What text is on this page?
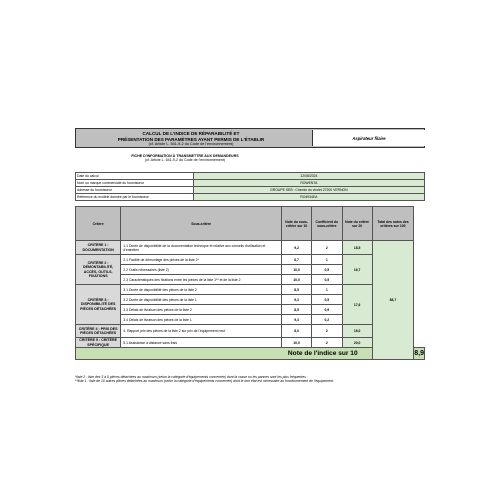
CALCUL DE L'INDICE DE RÉPARABILITÉ ET
PRÉSENTATION DES PARAMÈTRES AYANT PERMIS DE L'ÉTABLIR
(cf. Article L. 541-9-2 du Code de l'environnement)
Aspirateur filaire
FICHE D'INFORMATION À TRANSMETTRE AUX DEMANDEURS
(cf. Article L. 541-9-2 du Code de l'environnement)
Date du calcul	12/08/2024
Nom ou marque commerciale du fournisseur	ROWENTA
Adresse du fournisseur	GROUPE SEB : Chemin du virolet 27200 VERNON
Référence du modèle donnée par le fournisseur	RO4934EA
Critère	Sous-critère	Note du sous-critère sur 10	Coefficient du sous-critère	Note du critère sur 20	Total des notes des critères sur 100	
CRITÈRE 1 : DOCUMENTATION	1.1 Durée de disponibilité de la documentation technique et relative aux conseils d'utilisation et d'entretien	9,2	2	18,5	88,7	
CRITÈRE 2 : DÉMONTABILITÉ, ACCÈS, OUTILS, FIXATIONS	2.1 Facilité de démontage des pièces de la liste 2*	6,7	1	16,7		
	2.2 Outils nécessaires (liste 2)	10,0	0,5			
	2.3 Caractéristiques des fixations entre les pièces de la liste 1** et de la liste 2	10,0	0,5			
CRITÈRE 3 : DISPONIBILITÉ DES PIÈCES DÉTACHÉES	3.1 Durée de disponibilité des pièces de la liste 2	8,5	1	17,6		
	3.2 Durée de disponibilité des pièces de la liste 1	9,3	0,5			
	3.3 Délais de livraison des pièces de la liste 2	8,5	0,9			
	3.4 Délais de livraison des pièces de la liste 1	9,3	0,2			
CRITÈRE 4 : PRIX DES PIÈCES DÉTACHÉES	4. Rapport prix des pièces de la liste 2 sur prix de l'équipement neuf	8,0	2	16,0		
CRITÈRE 5 : CRITÈRE SPÉCIFIQUE	5.1 Assistance à distance sans frais	10,0	2	20,0		
Note de l'indice sur 10						8,9
*liste 2 : liste des 3 à 5 pièces détachées au maximum (selon la catégorie d'équipements concernée) dont la casse ou les pannes sont les plus fréquentes ;
**liste 1 : liste de 10 autres pièces détachées au maximum (selon la catégorie d'équipements concernée) dont le bon état est nécessaire au fonctionnement de l'équipement.
